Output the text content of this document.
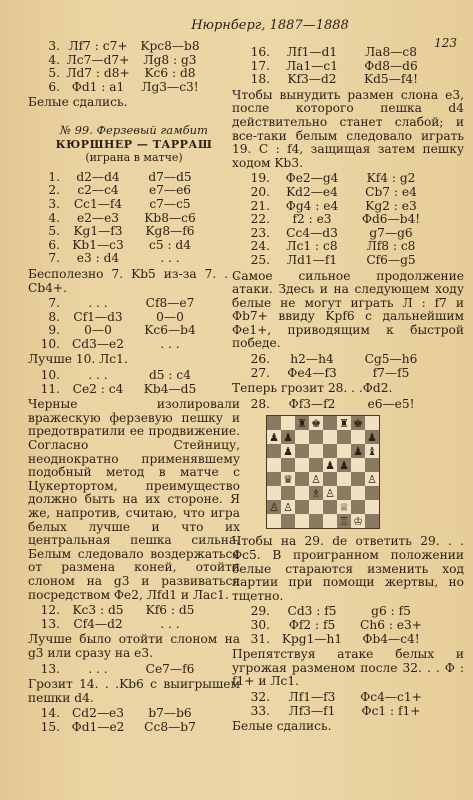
Нюрнберг, 1887—1888
123
3. Лf7 : c7+	Kpc8—b8
4. Лс7—d7+	Лg8 : g3
5. Лd7 : d8+	Kc6 : d8
6. Фd1 : a1	Лg3—c3!
Белые сдались.
№ 99. Ферзевый гамбит
КЮРШНЕР — ТАРРАШ
(играна в матче)
1.	d2—d4	d7—d5
2.	c2—c4	e7—e6
3.	Cc1—f4	c7—c5
4.	e2—e3	Kb8—c6
5.	Kg1—f3	Kg8—f6
6.	Kb1—c3	c5 : d4
7.	e3 : d4	. . .
Бесполезно 7. Kb5 из-за 7. . . Cb4+.
7.	. . .	Cf8—e7
8.	Cf1—d3	0—0
9.	0—0	Kc6—b4
10. Cd3—e2	. . .
Лучше 10. Лс1.
10.	. . .	d5 : c4
11.	Ce2 : c4	Kb4—d5
Черные изолировали вражескую ферзевую пешку и предотвратили ее продвижение. Согласно Стейницу, неоднократно применявшему подобный метод в матче с Цукертортом, преимущество должно быть на их стороне. Я же, напротив, считаю, что игра белых лучше и что их центральная пешка сильна. Белым следовало воздержаться от размена коней, отойти слоном на g3 и развиваться посредством Фе2, Лfd1 и Лас1.
12.	Kc3 : d5	Kf6 : d5
13.	Cf4—d2	. . .
Лучше было отойти слоном на g3 или сразу на е3.
13.	. . .	Ce7—f6
Грозит 14. . .Kb6 с выигрышем пешки d4.
14. Cd2—e3	b7—b6
15. Фd1—e2	Cc8—b7
16.	Лf1—d1	Ла8—c8
17.	Ла1—c1	Фd8—d6
18.	Kf3—d2	Kd5—f4!
Чтобы вынудить размен слона е3, после которого пешка d4 действительно станет слабой; и все-таки белым следовало играть 19. С : f4, защищая затем пешку ходом Kb3.
19.	Фе2—g4	Kf4 : g2
20.	Kd2—e4	Cb7 : e4
21.	Фg4 : e4	Kg2 : e3
22.	f2 : e3	Фd6—b4!
23.	Cc4—d3	g7—g6
24.	Лc1 : c8	Лf8 : c8
25.	Лd1—f1	Cf6—g5
Самое сильное продолжение атаки. Здесь и на следующем ходу белые не могут играть Л : f7 и Фb7+ ввиду Kpf6 с дальнейшим Фе1+, приводящим к быстрой победе.
26.	h2—h4	Cg5—h6
27.	Фе4—f3	f7—f5
Теперь грозит 28. . .Фd2.
28.	Фf3—f2	e6—e5!
♜ ♚ ♜ ♚
♟ ♟	♟
♟	♟ ♝
♟ ♟
♛ ♙	♙
♗ ♙
♙ ♙	♕
♖ ♔
Чтобы на 29. de ответить 29. . . Фс5. В проигранном положении белые стараются изменить ход партии при помощи жертвы, но тщетно.
29.	Cd3 : f5	g6 : f5
30.	Фf2 : f5	Ch6 : e3+
31. Kpg1—h1	Фb4—c4!
Препятствуя атаке белых и угрожая разменом после 32. . . Ф : f1+ и Лс1.
32.	Лf1—f3	Фc4—c1+
33.	Лf3—f1	Фc1 : f1+
Белые сдались.
